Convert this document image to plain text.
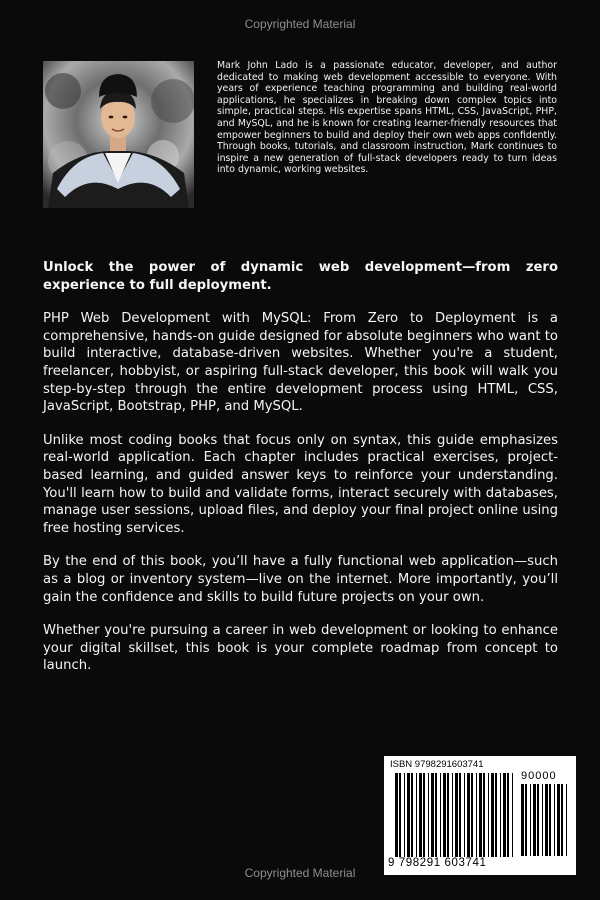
Copyrighted Material

Mark John Lado is a passionate educator, developer, and author dedicated to making web development accessible to everyone. With years of experience teaching programming and building real-world applications, he specializes in breaking down complex topics into simple, practical steps. His expertise spans HTML, CSS, JavaScript, PHP, and MySQL, and he is known for creating learner-friendly resources that empower beginners to build and deploy their own web apps confidently. Through books, tutorials, and classroom instruction, Mark continues to inspire a new generation of full-stack developers ready to turn ideas into dynamic, working websites.

Unlock the power of dynamic web development—from zero experience to full deployment.

PHP Web Development with MySQL: From Zero to Deployment is a comprehensive, hands-on guide designed for absolute beginners who want to build interactive, database-driven websites. Whether you're a student, freelancer, hobbyist, or aspiring full-stack developer, this book will walk you step-by-step through the entire development process using HTML, CSS, JavaScript, Bootstrap, PHP, and MySQL.

Unlike most coding books that focus only on syntax, this guide emphasizes real-world application. Each chapter includes practical exercises, project-based learning, and guided answer keys to reinforce your understanding. You'll learn how to build and validate forms, interact securely with databases, manage user sessions, upload files, and deploy your final project online using free hosting services.

By the end of this book, you’ll have a fully functional web application—such as a blog or inventory system—live on the internet. More importantly, you’ll gain the confidence and skills to build future projects on your own.

Whether you're pursuing a career in web development or looking to enhance your digital skillset, this book is your complete roadmap from concept to launch.

ISBN 9798291603741
90000
9 798291 603741
Copyrighted Material
